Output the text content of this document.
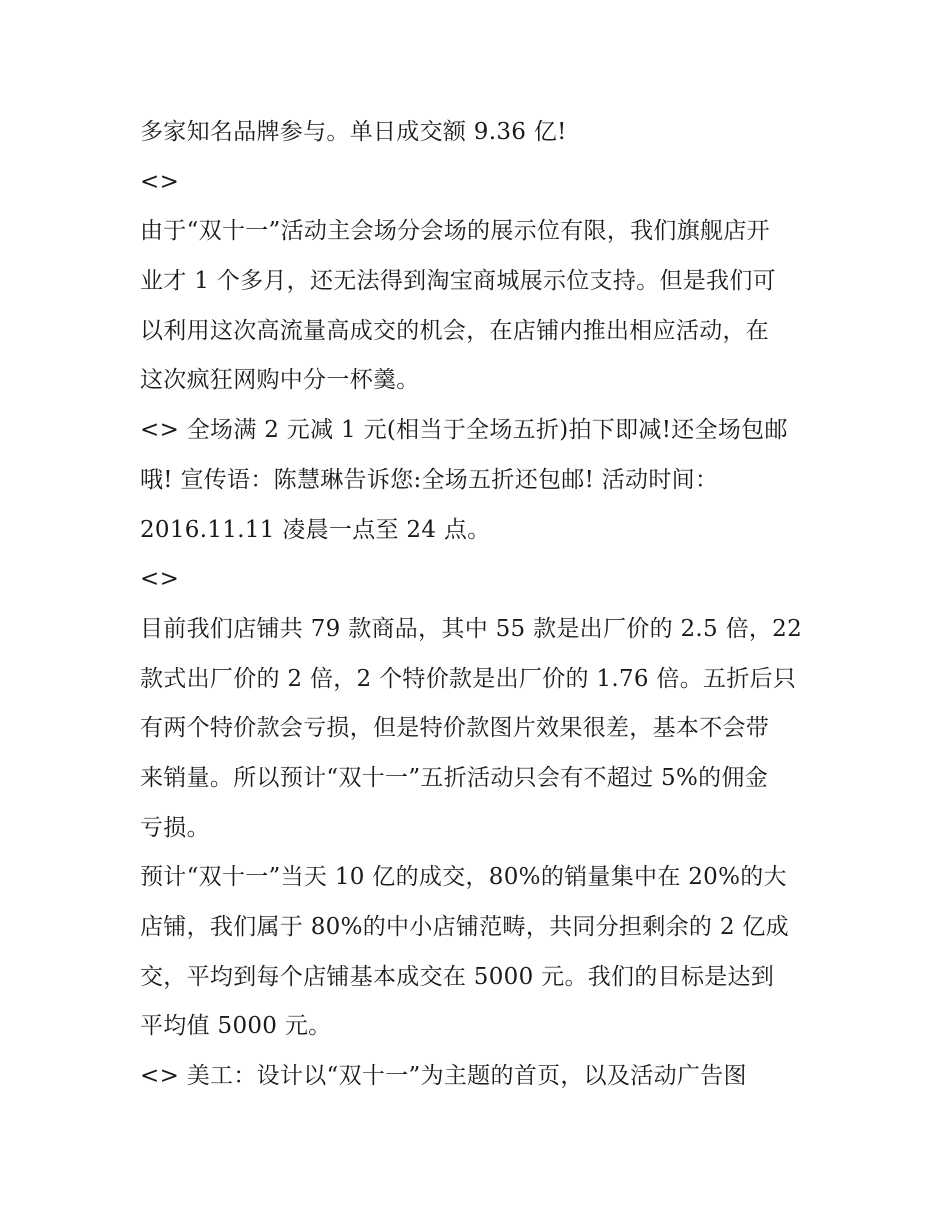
多家知名品牌参与。单日成交额 9.36 亿!
<>
由于“双十一”活动主会场分会场的展示位有限，我们旗舰店开
业才 1 个多月，还无法得到淘宝商城展示位支持。但是我们可
以利用这次高流量高成交的机会，在店铺内推出相应活动，在
这次疯狂网购中分一杯羹。
<> 全场满 2 元减 1 元(相当于全场五折)拍下即减!还全场包邮
哦! 宣传语：陈慧琳告诉您:全场五折还包邮! 活动时间：
2016.11.11 凌晨一点至 24 点。
<>
目前我们店铺共 79 款商品，其中 55 款是出厂价的 2.5 倍，22
款式出厂价的 2 倍，2 个特价款是出厂价的 1.76 倍。五折后只
有两个特价款会亏损，但是特价款图片效果很差，基本不会带
来销量。所以预计“双十一”五折活动只会有不超过 5%的佣金
亏损。
预计“双十一”当天 10 亿的成交，80%的销量集中在 20%的大
店铺，我们属于 80%的中小店铺范畴，共同分担剩余的 2 亿成
交，平均到每个店铺基本成交在 5000 元。我们的目标是达到
平均值 5000 元。
<> 美工：设计以“双十一”为主题的首页，以及活动广告图
